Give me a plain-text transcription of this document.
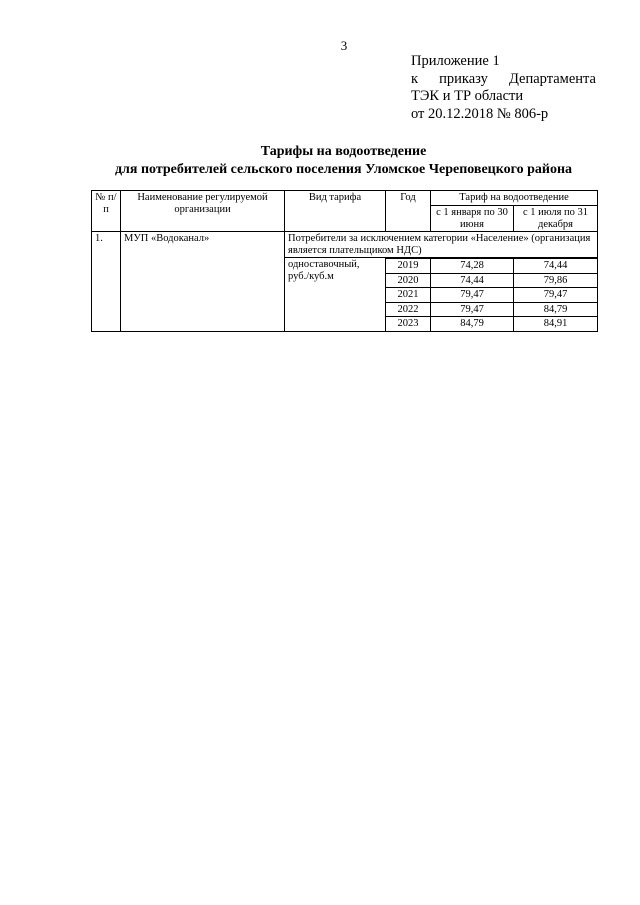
3
Приложение 1
к приказу Департамента
ТЭК и ТР области
от 20.12.2018 № 806-р
Тарифы на водоотведение
для потребителей сельского поселения Уломское Череповецкого района
№ п/п	Наименование регулируемой организации	Вид тарифа	Год	Тариф на водоотведение	
				с 1 января по 30 июня	с 1 июля по 31 декабря
1.	МУП «Водоканал»	Потребители за исключением категории «Население» (организация является плательщиком НДС)			
		одноставочный, руб./куб.м			
			2019	74,28	74,44
			2020	74,44	79,86
			2021	79,47	79,47
			2022	79,47	84,79
			2023	84,79	84,91
